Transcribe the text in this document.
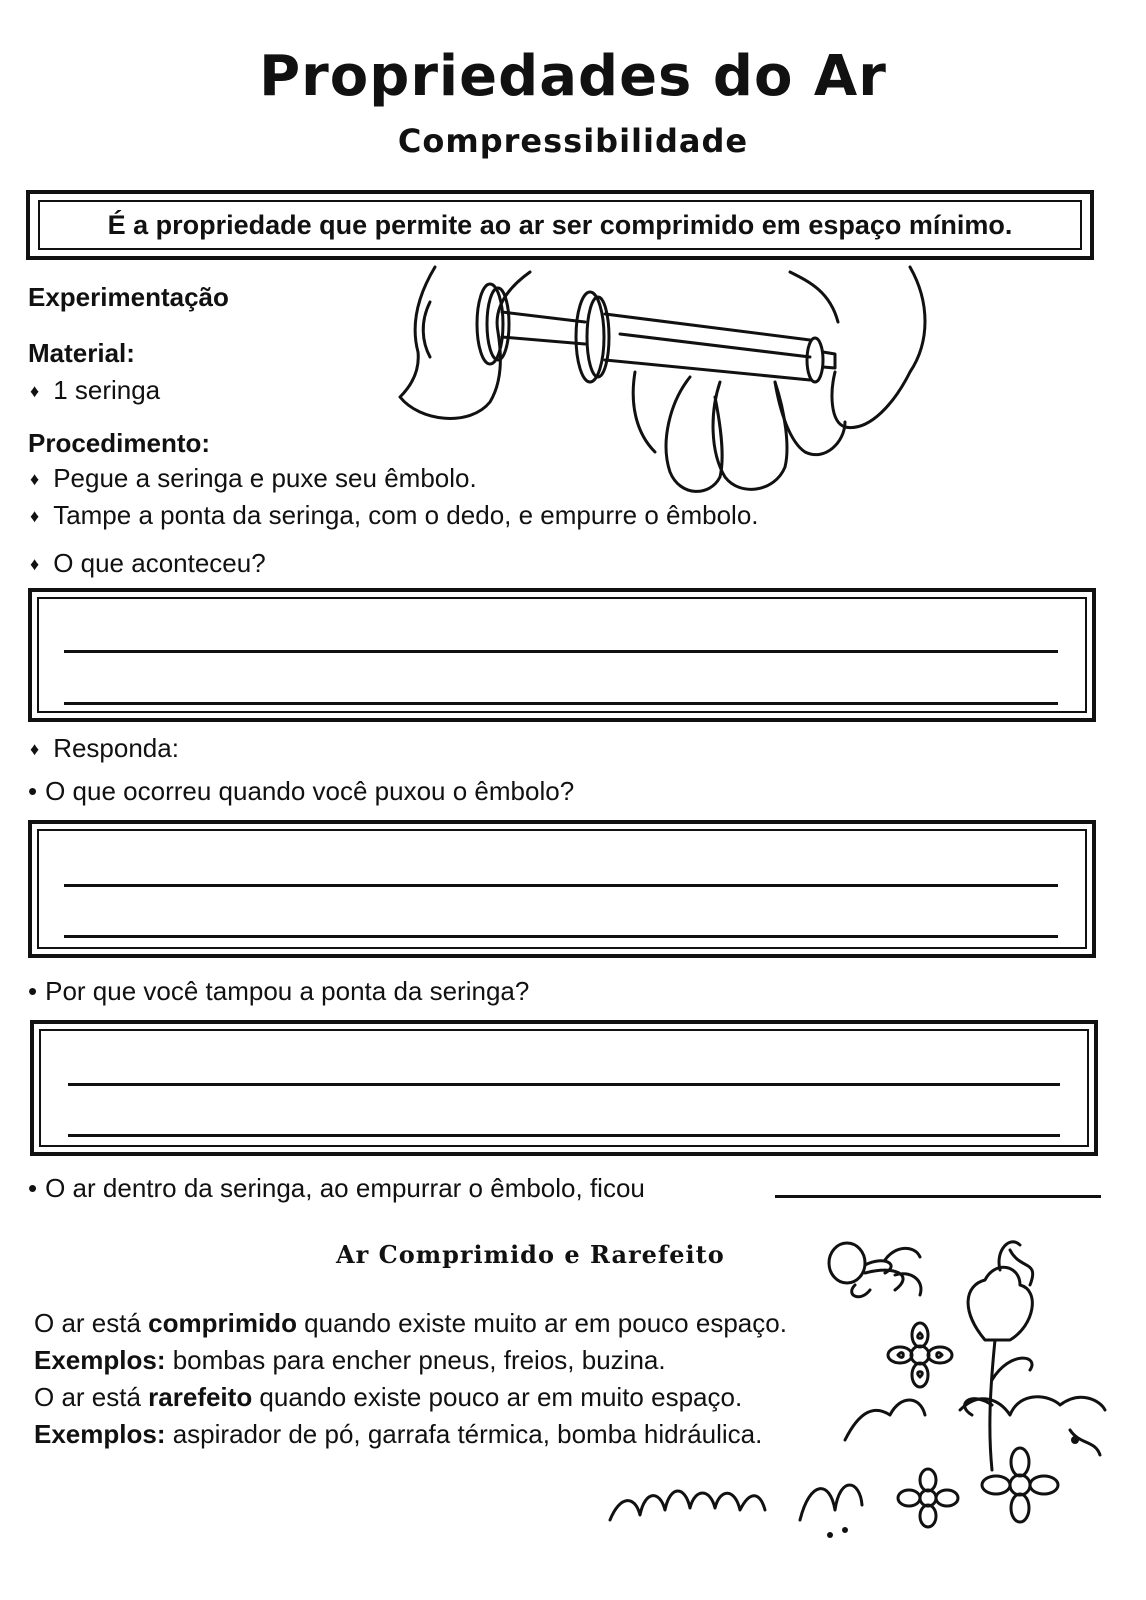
Propriedades do Ar
Compressibilidade
É a propriedade que permite ao ar ser comprimido em espaço mínimo.
Experimentação
Material:
♦ 1 seringa
Procedimento:
♦ Pegue a seringa e puxe seu êmbolo.
♦ Tampe a ponta da seringa, com o dedo, e empurre o êmbolo.
♦ O que aconteceu?
♦ Responda:
• O que ocorreu quando você puxou o êmbolo?
• Por que você tampou a ponta da seringa?
• O ar dentro da seringa, ao empurrar o êmbolo, ficou
Ar Comprimido e Rarefeito
O ar está comprimido quando existe muito ar em pouco espaço.
Exemplos: bombas para encher pneus, freios, buzina.
O ar está rarefeito quando existe pouco ar em muito espaço.
Exemplos: aspirador de pó, garrafa térmica, bomba hidráulica.
